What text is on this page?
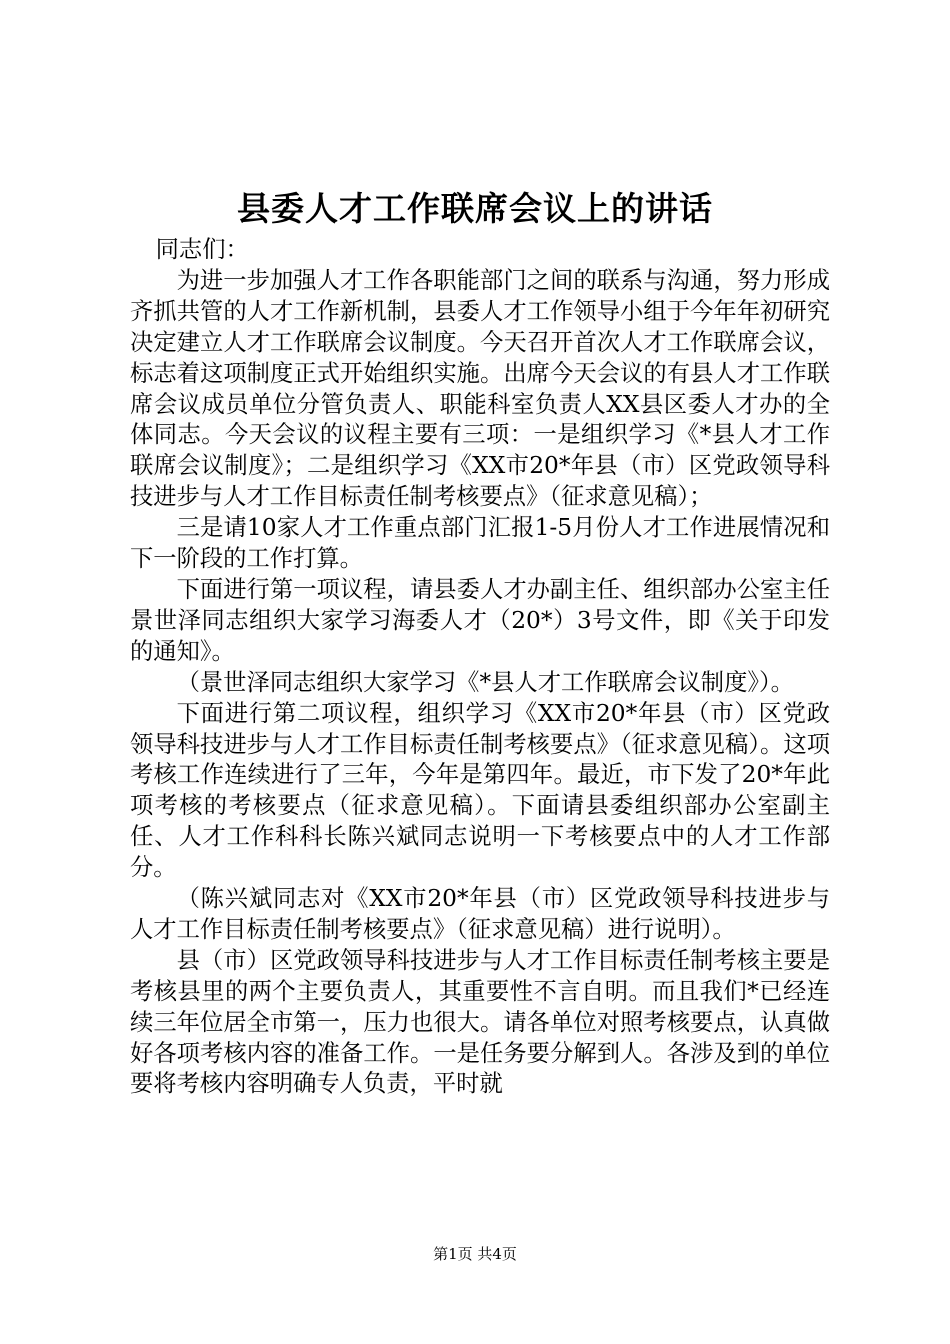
县委人才工作联席会议上的讲话

同志们：

为进一步加强人才工作各职能部门之间的联系与沟通，努力形成齐抓共管的人才工作新机制，县委人才工作领导小组于今年年初研究决定建立人才工作联席会议制度。今天召开首次人才工作联席会议，标志着这项制度正式开始组织实施。出席今天会议的有县人才工作联席会议成员单位分管负责人、职能科室负责人XX县区委人才办的全体同志。今天会议的议程主要有三项：一是组织学习《*县人才工作联席会议制度》；二是组织学习《XX市20*年县（市）区党政领导科技进步与人才工作目标责任制考核要点》（征求意见稿）；

三是请10家人才工作重点部门汇报1-5月份人才工作进展情况和下一阶段的工作打算。

下面进行第一项议程，请县委人才办副主任、组织部办公室主任景世泽同志组织大家学习海委人才（20*）3号文件，即《关于印发的通知》。

（景世泽同志组织大家学习《*县人才工作联席会议制度》）。

下面进行第二项议程，组织学习《XX市20*年县（市）区党政领导科技进步与人才工作目标责任制考核要点》（征求意见稿）。这项考核工作连续进行了三年，今年是第四年。最近，市下发了20*年此项考核的考核要点（征求意见稿）。下面请县委组织部办公室副主任、人才工作科科长陈兴斌同志说明一下考核要点中的人才工作部分。

（陈兴斌同志对《XX市20*年县（市）区党政领导科技进步与人才工作目标责任制考核要点》（征求意见稿）进行说明）。

县（市）区党政领导科技进步与人才工作目标责任制考核主要是考核县里的两个主要负责人，其重要性不言自明。而且我们*已经连续三年位居全市第一，压力也很大。请各单位对照考核要点，认真做好各项考核内容的准备工作。一是任务要分解到人。各涉及到的单位要将考核内容明确专人负责，平时就

第1页 共4页
